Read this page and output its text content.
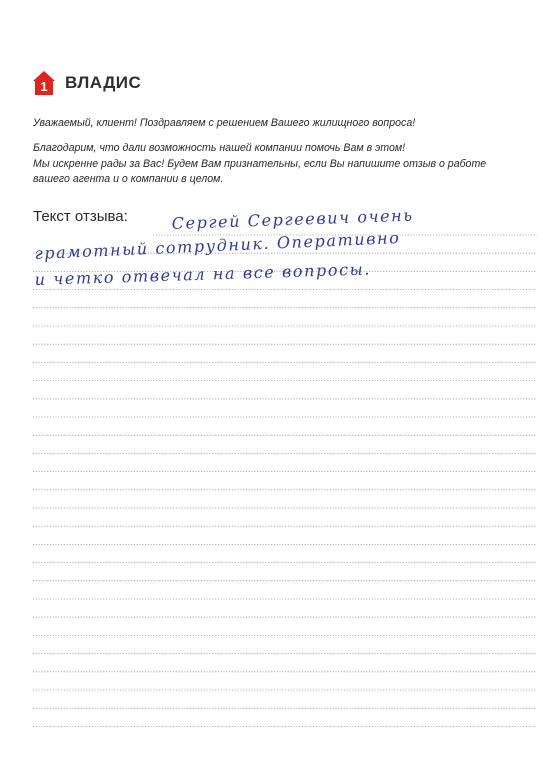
1 ВЛАДИС

Уважаемый, клиент! Поздравляем с решением Вашего жилищного вопроса!

Благодарим, что дали возможность нашей компании помочь Вам в этом!

Мы искренне рады за Вас! Будем Вам признательны, если Вы напишите отзыв о работе

вашего агента и о компании в целом.

Текст отзыва:	Сергей Сергеевич очень
грамотный сотрудник. Оперативно
и четко отвечал на все вопросы.
